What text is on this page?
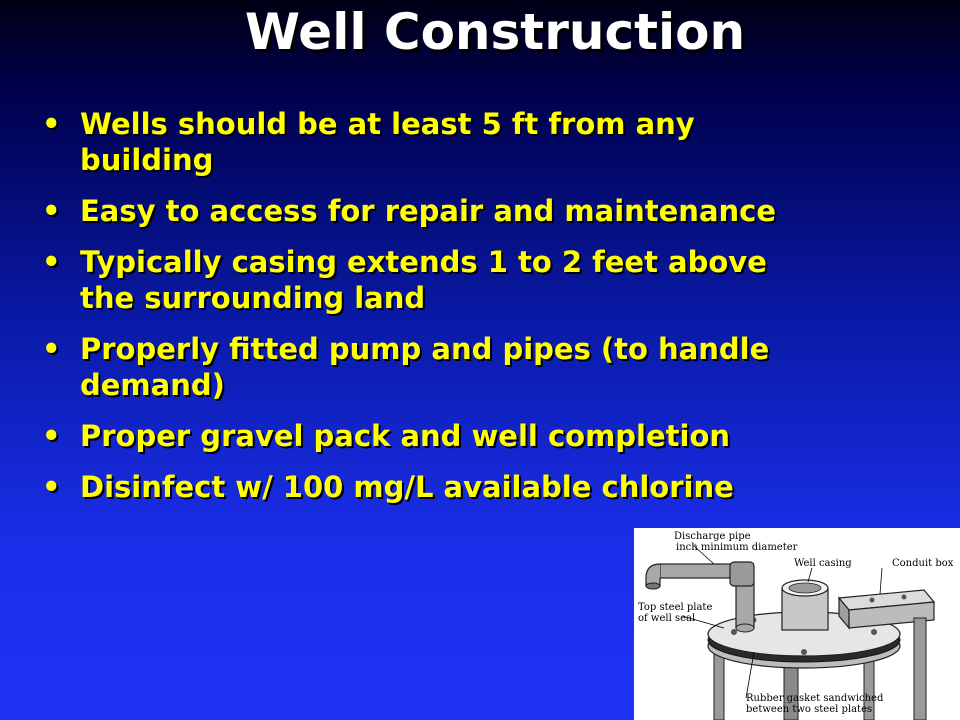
Well Construction
• Wells should be at least 5 ft from any
building
• Easy to access for repair and maintenance
• Typically casing extends 1 to 2 feet above
the surrounding land
• Properly fitted pump and pipes (to handle
demand)
• Proper gravel pack and well completion
• Disinfect w/ 100 mg/L available chlorine
Discharge pipe
inch minimum diameter
Well casing	Conduit box
Top steel plate
of well seal
Rubber gasket sandwiched
between two steel plates
